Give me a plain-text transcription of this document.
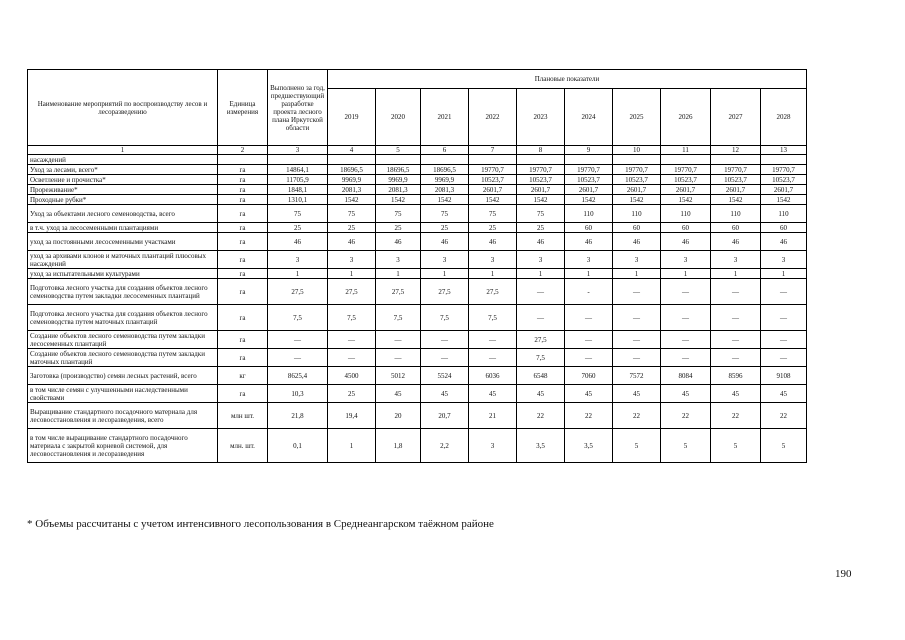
Наименование мероприятий по воспроизводству лесов и лесоразведению	Единица измерения	Выполнено за год, предшествующий разработке проекта лесного плана Иркутской области	Плановые показатели									
			2019	2020	2021	2022	2023	2024	2025	2026	2027	2028
1	2	3	4	5	6	7	8	9	10	11	12	13
насаждений												
Уход за лесами, всего*	га	14864,1	18696,5	18696,5	18696,5	19770,7	19770,7	19770,7	19770,7	19770,7	19770,7	19770,7
Осветление и прочистка*	га	11705,9	9969,9	9969,9	9969,9	10523,7	10523,7	10523,7	10523,7	10523,7	10523,7	10523,7
Прореживание*	га	1848,1	2081,3	2081,3	2081,3	2601,7	2601,7	2601,7	2601,7	2601,7	2601,7	2601,7
Проходные рубки*	га	1310,1	1542	1542	1542	1542	1542	1542	1542	1542	1542	1542
Уход за объектами лесного семеноводства, всего	га	75	75	75	75	75	75	110	110	110	110	110
в т.ч. уход за лесосеменными плантациями	га	25	25	25	25	25	25	60	60	60	60	60
уход за постоянными лесосеменными участками	га	46	46	46	46	46	46	46	46	46	46	46
уход за архивами клонов и маточных плантаций плюсовых насаждений	га	3	3	3	3	3	3	3	3	3	3	3
уход за испытательными культурами	га	1	1	1	1	1	1	1	1	1	1	1
Подготовка лесного участка для создания объектов лесного семеноводства путем закладки лесосеменных плантаций	га	27,5	27,5	27,5	27,5	27,5	—	-	—	—	—	—
Подготовка лесного участка для создания объектов лесного семеноводства путем маточных плантаций	га	7,5	7,5	7,5	7,5	7,5	—	—	—	—	—	—
Создание объектов лесного семеноводства путем закладки лесосеменных плантаций	га	—	—	—	—	—	27,5	—	—	—	—	—
Создание объектов лесного семеноводства путем закладки маточных плантаций	га	—	—	—	—	—	7,5	—	—	—	—	—
Заготовка (производство) семян лесных растений, всего	кг	8625,4	4500	5012	5524	6036	6548	7060	7572	8084	8596	9108
в том числе семян с улучшенными наследственными свойствами	га	10,3	25	45	45	45	45	45	45	45	45	45
Выращивание стандартного посадочного материала для лесовосстановления и лесоразведения, всего	млн шт.	21,8	19,4	20	20,7	21	22	22	22	22	22	22
в том числе выращивание стандартного посадочного материала с закрытой корневой системой, для лесовосстановления и лесоразведения	млн. шт.	0,1	1	1,8	2,2	3	3,5	3,5	5	5	5	5
* Объемы рассчитаны с учетом интенсивного лесопользования в Среднеангарском таёжном районе
190
